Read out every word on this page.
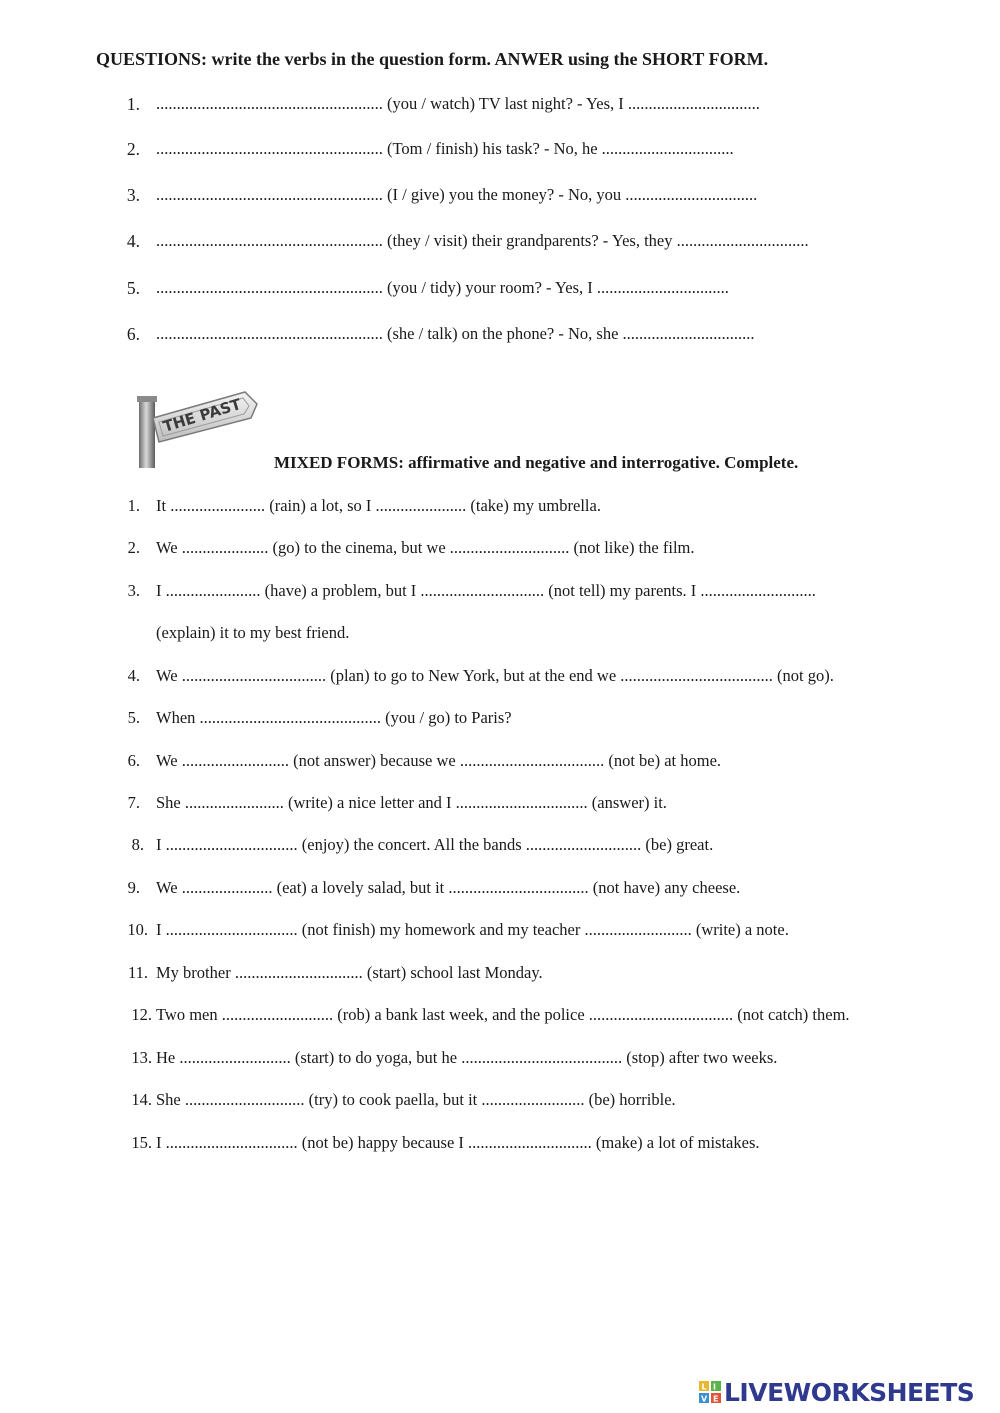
QUESTIONS: write the verbs in the question form. ANWER using the SHORT FORM.
1. ....................................................... (you / watch) TV last night? - Yes, I ................................
2. ....................................................... (Tom / finish) his task? - No, he ................................
3. ....................................................... (I / give) you the money? - No, you ................................
4. ....................................................... (they / visit) their grandparents? - Yes, they ................................
5. ....................................................... (you / tidy) your room? - Yes, I ................................
6. ....................................................... (she / talk) on the phone? - No, she ................................
THE PAST
MIXED FORMS: affirmative and negative and interrogative. Complete.
1. It ....................... (rain) a lot, so I ...................... (take) my umbrella.
2. We ..................... (go) to the cinema, but we ............................. (not like) the film.
3. I ....................... (have) a problem, but I .............................. (not tell) my parents. I ............................
(explain) it to my best friend.
4. We ................................... (plan) to go to New York, but at the end we ..................................... (not go).
5. When ............................................ (you / go) to Paris?
6. We .......................... (not answer) because we ................................... (not be) at home.
7. She ........................ (write) a nice letter and I ................................ (answer) it.
8. I ................................ (enjoy) the concert. All the bands ............................ (be) great.
9. We ...................... (eat) a lovely salad, but it .................................. (not have) any cheese.
10. I ................................ (not finish) my homework and my teacher .......................... (write) a note.
11. My brother ............................... (start) school last Monday.
12. Two men ........................... (rob) a bank last week, and the police ................................... (not catch) them.
13. He ........................... (start) to do yoga, but he ....................................... (stop) after two weeks.
14. She ............................. (try) to cook paella, but it ......................... (be) horrible.
15. I ................................ (not be) happy because I .............................. (make) a lot of mistakes.
L I
V E LIVEWORKSHEETS
